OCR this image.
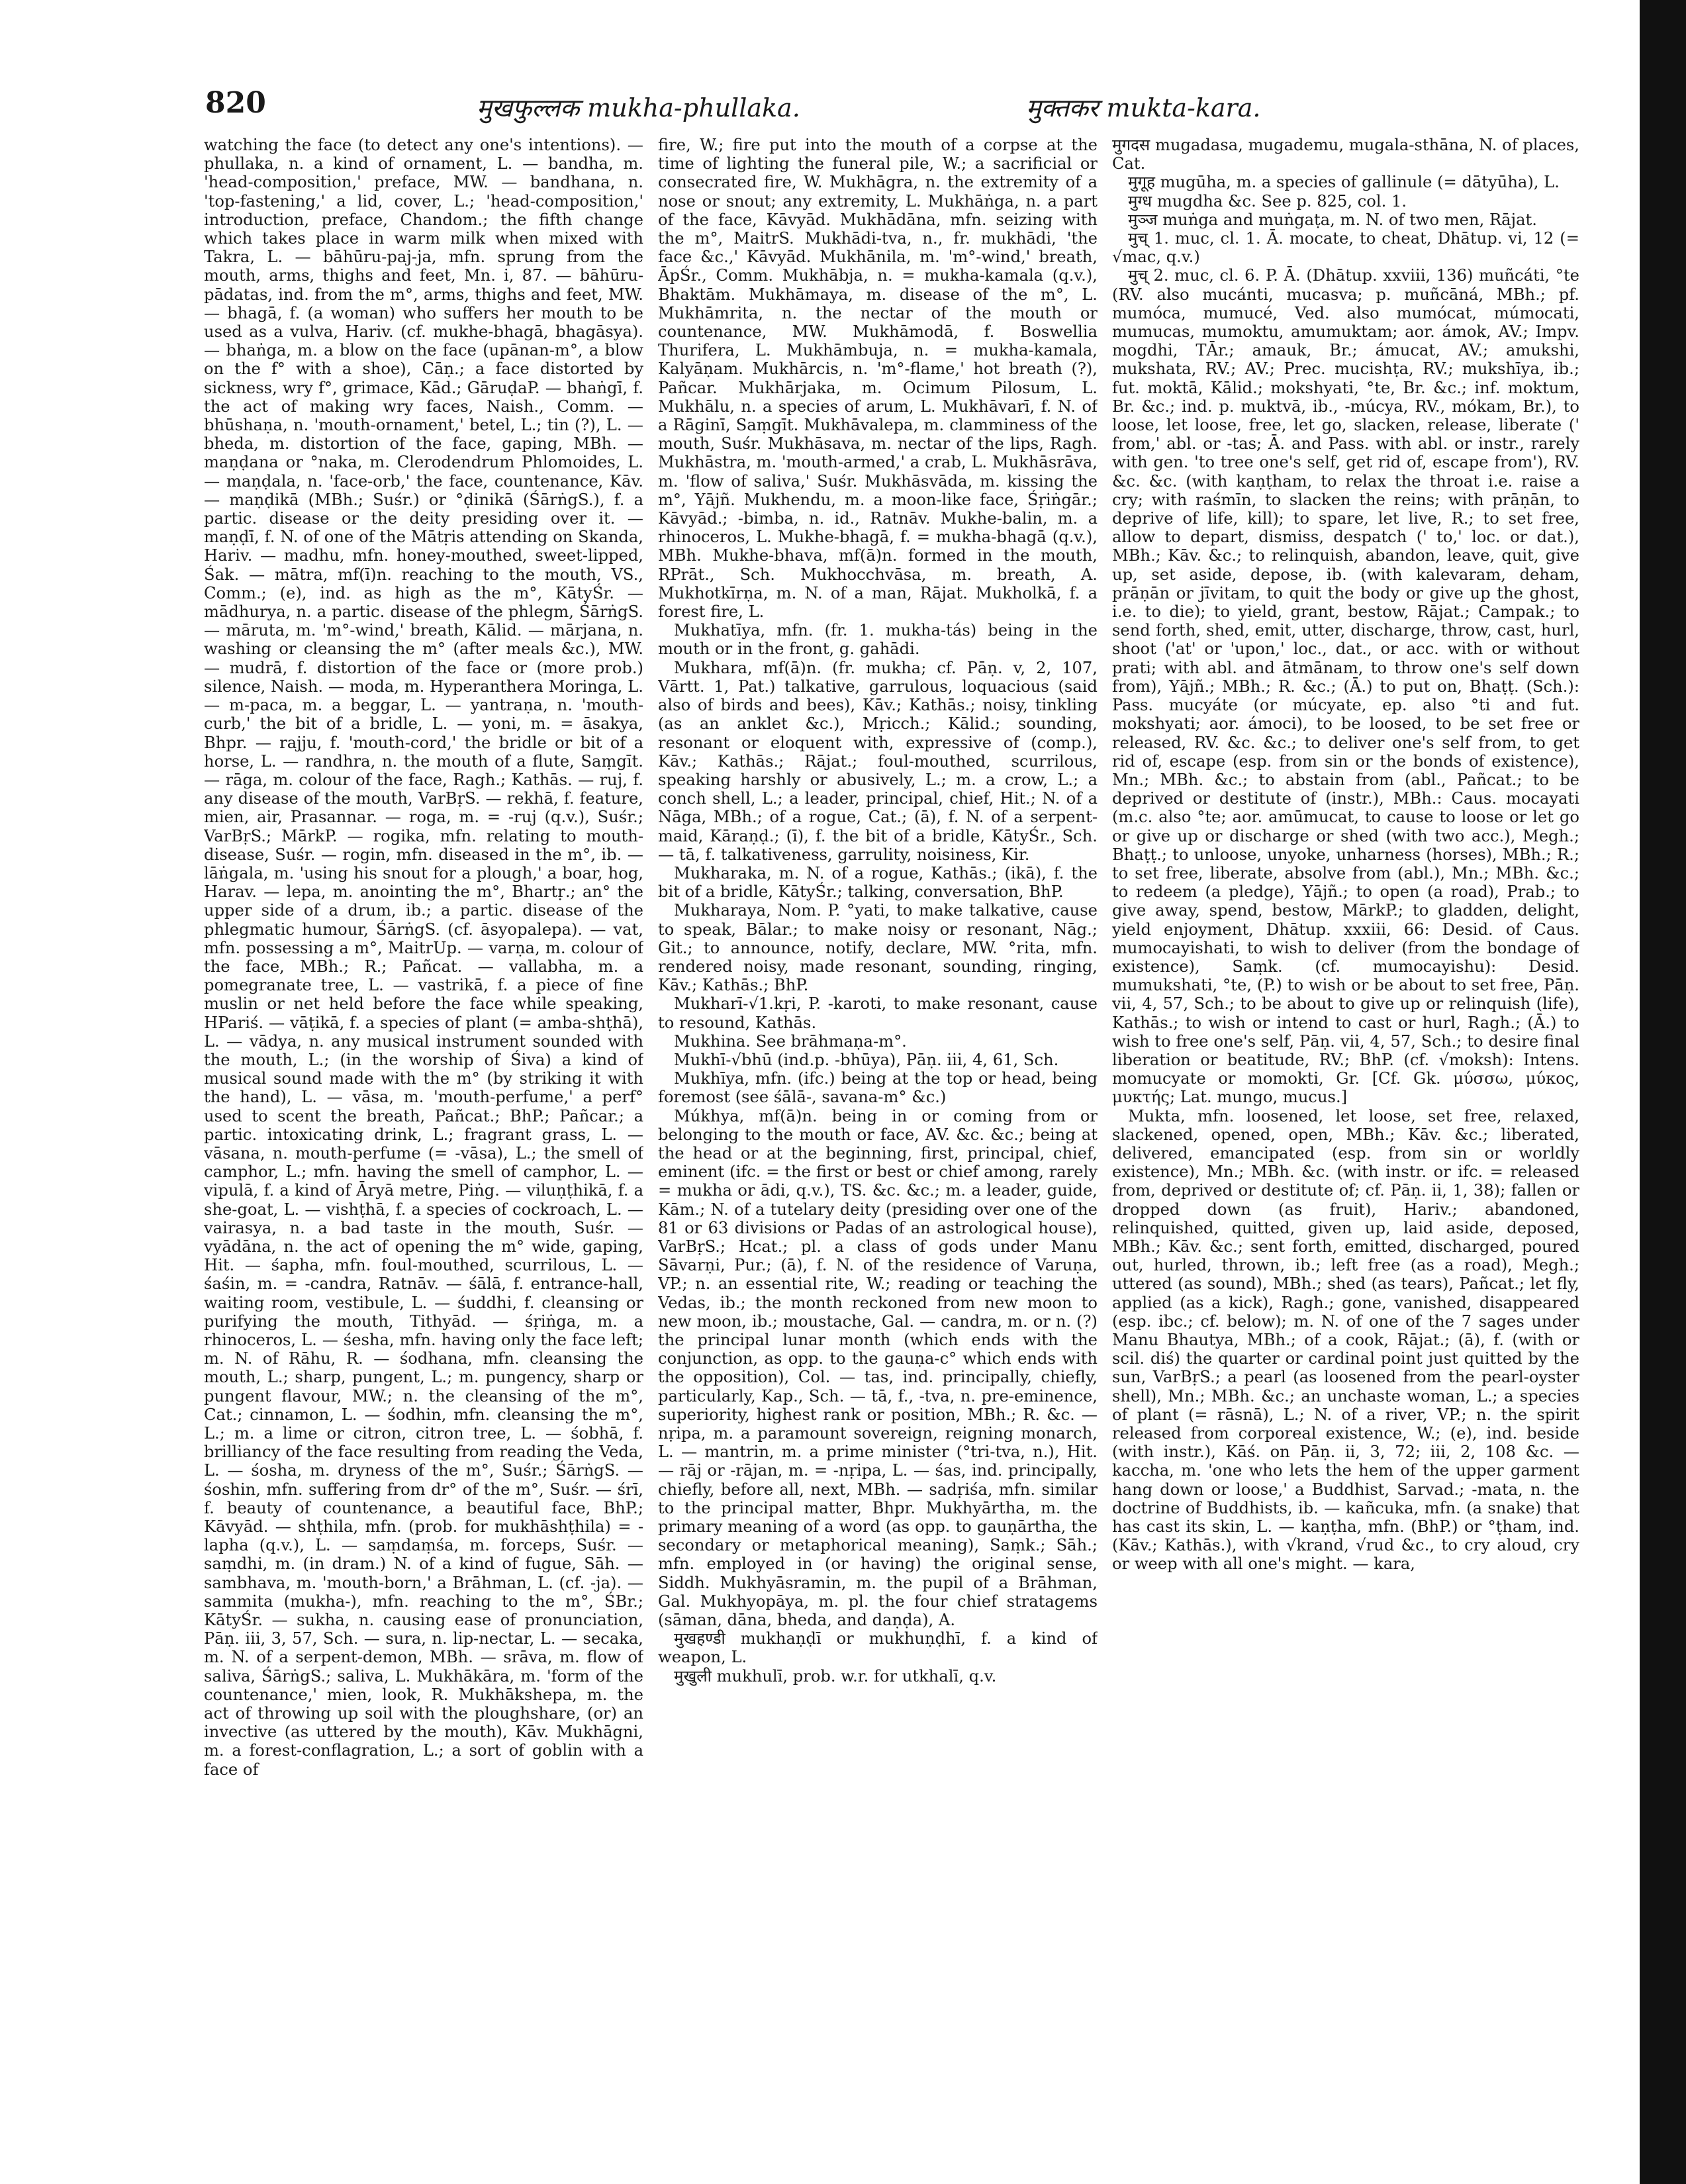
820	मुखफुल्लक mukha-phullaka.	मुक्तकर mukta-kara.

watching the face (to detect any one's intentions). — phullaka, n. a kind of ornament, L. — bandha, m. 'head-composition,' preface, MW. — bandhana, n. 'top-fastening,' a lid, cover, L.; 'head-composition,' introduction, preface, Chandom.; the fifth change which takes place in warm milk when mixed with Takra, L. — bāhūru-paj-ja, mfn. sprung from the mouth, arms, thighs and feet, Mn. i, 87. — bāhūru-pādatas, ind. from the m°, arms, thighs and feet, MW. — bhagā, f. (a woman) who suffers her mouth to be used as a vulva, Hariv. (cf. mukhe-bhagā, bhagāsya). — bhaṅga, m. a blow on the face (upānan-m°, a blow on the f° with a shoe), Cāṇ.; a face distorted by sickness, wry f°, grimace, Kād.; GāruḍaP. — bhaṅgī, f. the act of making wry faces, Naish., Comm. — bhūshaṇa, n. 'mouth-ornament,' betel, L.; tin (?), L. — bheda, m. distortion of the face, gaping, MBh. — maṇḍana or °naka, m. Clerodendrum Phlomoides, L. — maṇḍala, n. 'face-orb,' the face, countenance, Kāv. — maṇḍikā (MBh.; Suśr.) or °ḍinikā (ŚārṅgS.), f. a partic. disease or the deity presiding over it. — maṇḍī, f. N. of one of the Mātṛis attending on Skanda, Hariv. — madhu, mfn. honey-mouthed, sweet-lipped, Śak. — mātra, mf(ī)n. reaching to the mouth, VS., Comm.; (e), ind. as high as the m°, KātyŚr. — mādhurya, n. a partic. disease of the phlegm, ŚārṅgS. — māruta, m. 'm°-wind,' breath, Kālid. — mārjana, n. washing or cleansing the m° (after meals &c.), MW. — mudrā, f. distortion of the face or (more prob.) silence, Naish. — moda, m. Hyperanthera Moringa, L. — m-paca, m. a beggar, L. — yantraṇa, n. 'mouth-curb,' the bit of a bridle, L. — yoni, m. = āsakya, Bhpr. — rajju, f. 'mouth-cord,' the bridle or bit of a horse, L. — randhra, n. the mouth of a flute, Saṃgīt. — rāga, m. colour of the face, Ragh.; Kathās. — ruj, f. any disease of the mouth, VarBṛS. — rekhā, f. feature, mien, air, Prasannar. — roga, m. = -ruj (q.v.), Suśr.; VarBṛS.; MārkP. — rogika, mfn. relating to mouth-disease, Suśr. — rogin, mfn. diseased in the m°, ib. — lāṅgala, m. 'using his snout for a plough,' a boar, hog, Harav. — lepa, m. anointing the m°, Bhartṛ.; an° the upper side of a drum, ib.; a partic. disease of the phlegmatic humour, ŚārṅgS. (cf. āsyopalepa). — vat, mfn. possessing a m°, MaitrUp. — varṇa, m. colour of the face, MBh.; R.; Pañcat. — vallabha, m. a pomegranate tree, L. — vastrikā, f. a piece of fine muslin or net held before the face while speaking, HPariś. — vāṭikā, f. a species of plant (= amba-shṭhā), L. — vādya, n. any musical instrument sounded with the mouth, L.; (in the worship of Śiva) a kind of musical sound made with the m° (by striking it with the hand), L. — vāsa, m. 'mouth-perfume,' a perf° used to scent the breath, Pañcat.; BhP.; Pañcar.; a partic. intoxicating drink, L.; fragrant grass, L. — vāsana, n. mouth-perfume (= -vāsa), L.; the smell of camphor, L.; mfn. having the smell of camphor, L. — vipulā, f. a kind of Āryā metre, Piṅg. — viluṇṭhikā, f. a she-goat, L. — vishṭhā, f. a species of cockroach, L. — vairasya, n. a bad taste in the mouth, Suśr. — vyādāna, n. the act of opening the m° wide, gaping, Hit. — śapha, mfn. foul-mouthed, scurrilous, L. — śaśin, m. = -candra, Ratnāv. — śālā, f. entrance-hall, waiting room, vestibule, L. — śuddhi, f. cleansing or purifying the mouth, Tithyād. — śṛiṅga, m. a rhinoceros, L. — śesha, mfn. having only the face left; m. N. of Rāhu, R. — śodhana, mfn. cleansing the mouth, L.; sharp, pungent, L.; m. pungency, sharp or pungent flavour, MW.; n. the cleansing of the m°, Cat.; cinnamon, L. — śodhin, mfn. cleansing the m°, L.; m. a lime or citron, citron tree, L. — śobhā, f. brilliancy of the face resulting from reading the Veda, L. — śosha, m. dryness of the m°, Suśr.; ŚārṅgS. — śoshin, mfn. suffering from dr° of the m°, Suśr. — śrī, f. beauty of countenance, a beautiful face, BhP.; Kāvyād. — shṭhila, mfn. (prob. for mukhāshṭhila) = -lapha (q.v.), L. — saṃdaṃśa, m. forceps, Suśr. — saṃdhi, m. (in dram.) N. of a kind of fugue, Sāh. — sambhava, m. 'mouth-born,' a Brāhman, L. (cf. -ja). — sammita (mukha-), mfn. reaching to the m°, ŚBr.; KātyŚr. — sukha, n. causing ease of pronunciation, Pāṇ. iii, 3, 57, Sch. — sura, n. lip-nectar, L. — secaka, m. N. of a serpent-demon, MBh. — srāva, m. flow of saliva, ŚārṅgS.; saliva, L. Mukhākāra, m. 'form of the countenance,' mien, look, R. Mukhākshepa, m. the act of throwing up soil with the ploughshare, (or) an invective (as uttered by the mouth), Kāv. Mukhāgni, m. a forest-conflagration, L.; a sort of goblin with a face of

fire, W.; fire put into the mouth of a corpse at the time of lighting the funeral pile, W.; a sacrificial or consecrated fire, W. Mukhāgra, n. the extremity of a nose or snout; any extremity, L. Mukhāṅga, n. a part of the face, Kāvyād. Mukhādāna, mfn. seizing with the m°, MaitrS. Mukhādi-tva, n., fr. mukhādi, 'the face &c.,' Kāvyād. Mukhānila, m. 'm°-wind,' breath, ĀpŚr., Comm. Mukhābja, n. = mukha-kamala (q.v.), Bhaktām. Mukhāmaya, m. disease of the m°, L. Mukhāmrita, n. the nectar of the mouth or countenance, MW. Mukhāmodā, f. Boswellia Thurifera, L. Mukhāmbuja, n. = mukha-kamala, Kalyāṇam. Mukhārcis, n. 'm°-flame,' hot breath (?), Pañcar. Mukhārjaka, m. Ocimum Pilosum, L. Mukhālu, n. a species of arum, L. Mukhāvarī, f. N. of a Rāginī, Saṃgīt. Mukhāvalepa, m. clamminess of the mouth, Suśr. Mukhāsava, m. nectar of the lips, Ragh. Mukhāstra, m. 'mouth-armed,' a crab, L. Mukhāsrāva, m. 'flow of saliva,' Suśr. Mukhāsvāda, m. kissing the m°, Yājñ. Mukhendu, m. a moon-like face, Śṛiṅgār.; Kāvyād.; -bimba, n. id., Ratnāv. Mukhe-balin, m. a rhinoceros, L. Mukhe-bhagā, f. = mukha-bhagā (q.v.), MBh. Mukhe-bhava, mf(ā)n. formed in the mouth, RPrāt., Sch. Mukhocchvāsa, m. breath, A. Mukhotkīrṇa, m. N. of a man, Rājat. Mukholkā, f. a forest fire, L.

Mukhatīya, mfn. (fr. 1. mukha-tás) being in the mouth or in the front, g. gahādi.

Mukhara, mf(ā)n. (fr. mukha; cf. Pāṇ. v, 2, 107, Vārtt. 1, Pat.) talkative, garrulous, loquacious (said also of birds and bees), Kāv.; Kathās.; noisy, tinkling (as an anklet &c.), Mṛicch.; Kālid.; sounding, resonant or eloquent with, expressive of (comp.), Kāv.; Kathās.; Rājat.; foul-mouthed, scurrilous, speaking harshly or abusively, L.; m. a crow, L.; a conch shell, L.; a leader, principal, chief, Hit.; N. of a Nāga, MBh.; of a rogue, Cat.; (ā), f. N. of a serpent-maid, Kāraṇḍ.; (ī), f. the bit of a bridle, KātyŚr., Sch. — tā, f. talkativeness, garrulity, noisiness, Kir.

Mukharaka, m. N. of a rogue, Kathās.; (ikā), f. the bit of a bridle, KātyŚr.; talking, conversation, BhP.

Mukharaya, Nom. P. °yati, to make talkative, cause to speak, Bālar.; to make noisy or resonant, Nāg.; Git.; to announce, notify, declare, MW. °rita, mfn. rendered noisy, made resonant, sounding, ringing, Kāv.; Kathās.; BhP.

Mukharī-√1.kṛi, P. -karoti, to make resonant, cause to resound, Kathās.

Mukhina. See brāhmaṇa-m°.

Mukhī-√bhū (ind.p. -bhūya), Pāṇ. iii, 4, 61, Sch.

Mukhīya, mfn. (ifc.) being at the top or head, being foremost (see śālā-, savana-m° &c.)

Múkhya, mf(ā)n. being in or coming from or belonging to the mouth or face, AV. &c. &c.; being at the head or at the beginning, first, principal, chief, eminent (ifc. = the first or best or chief among, rarely = mukha or ādi, q.v.), TS. &c. &c.; m. a leader, guide, Kām.; N. of a tutelary deity (presiding over one of the 81 or 63 divisions or Padas of an astrological house), VarBṛS.; Hcat.; pl. a class of gods under Manu Sāvarṇi, Pur.; (ā), f. N. of the residence of Varuṇa, VP.; n. an essential rite, W.; reading or teaching the Vedas, ib.; the month reckoned from new moon to new moon, ib.; moustache, Gal. — candra, m. or n. (?) the principal lunar month (which ends with the conjunction, as opp. to the gauṇa-c° which ends with the opposition), Col. — tas, ind. principally, chiefly, particularly, Kap., Sch. — tā, f., -tva, n. pre-eminence, superiority, highest rank or position, MBh.; R. &c. — nṛipa, m. a paramount sovereign, reigning monarch, L. — mantrin, m. a prime minister (°tri-tva, n.), Hit. — rāj or -rājan, m. = -nṛipa, L. — śas, ind. principally, chiefly, before all, next, MBh. — sadṛiśa, mfn. similar to the principal matter, Bhpr. Mukhyārtha, m. the primary meaning of a word (as opp. to gauṇārtha, the secondary or metaphorical meaning), Saṃk.; Sāh.; mfn. employed in (or having) the original sense, Siddh. Mukhyāsramin, m. the pupil of a Brāhman, Gal. Mukhyopāya, m. pl. the four chief stratagems (sāman, dāna, bheda, and daṇḍa), A.

मुखहण्डी mukhaṇḍī or mukhuṇḍhī, f. a kind of weapon, L.

मुखुली mukhulī, prob. w.r. for utkhalī, q.v.

मुगदस mugadasa, mugademu, mugala-sthāna, N. of places, Cat.

मुगूह mugūha, m. a species of gallinule (= dātyūha), L.

मुग्ध mugdha &c. See p. 825, col. 1.

मुञ्ज muṅga and muṅgaṭa, m. N. of two men, Rājat.

मुच् 1. muc, cl. 1. Ā. mocate, to cheat, Dhātup. vi, 12 (= √mac, q.v.)

मुच् 2. muc, cl. 6. P. Ā. (Dhātup. xxviii, 136) muñcáti, °te (RV. also mucánti, mucasva; p. muñcāná, MBh.; pf. mumóca, mumucé, Ved. also mumócat, múmocati, mumucas, mumoktu, amumuktam; aor. ámok, AV.; Impv. mogdhi, TĀr.; amauk, Br.; ámucat, AV.; amukshi, mukshata, RV.; AV.; Prec. mucishṭa, RV.; mukshīya, ib.; fut. moktā, Kālid.; mokshyati, °te, Br. &c.; inf. moktum, Br. &c.; ind. p. muktvā, ib., -múcya, RV., mókam, Br.), to loose, let loose, free, let go, slacken, release, liberate (' from,' abl. or -tas; Ā. and Pass. with abl. or instr., rarely with gen. 'to tree one's self, get rid of, escape from'), RV. &c. &c. (with kaṇṭham, to relax the throat i.e. raise a cry; with raśmīn, to slacken the reins; with prāṇān, to deprive of life, kill); to spare, let live, R.; to set free, allow to depart, dismiss, despatch (' to,' loc. or dat.), MBh.; Kāv. &c.; to relinquish, abandon, leave, quit, give up, set aside, depose, ib. (with kalevaram, deham, prāṇān or jīvitam, to quit the body or give up the ghost, i.e. to die); to yield, grant, bestow, Rājat.; Campak.; to send forth, shed, emit, utter, discharge, throw, cast, hurl, shoot ('at' or 'upon,' loc., dat., or acc. with or without prati; with abl. and ātmānam, to throw one's self down from), Yājñ.; MBh.; R. &c.; (Ā.) to put on, Bhaṭṭ. (Sch.): Pass. mucyáte (or múcyate, ep. also °ti and fut. mokshyati; aor. ámoci), to be loosed, to be set free or released, RV. &c. &c.; to deliver one's self from, to get rid of, escape (esp. from sin or the bonds of existence), Mn.; MBh. &c.; to abstain from (abl., Pañcat.; to be deprived or destitute of (instr.), MBh.: Caus. mocayati (m.c. also °te; aor. amūmucat, to cause to loose or let go or give up or discharge or shed (with two acc.), Megh.; Bhaṭṭ.; to unloose, unyoke, unharness (horses), MBh.; R.; to set free, liberate, absolve from (abl.), Mn.; MBh. &c.; to redeem (a pledge), Yājñ.; to open (a road), Prab.; to give away, spend, bestow, MārkP.; to gladden, delight, yield enjoyment, Dhātup. xxxiii, 66: Desid. of Caus. mumocayishati, to wish to deliver (from the bondage of existence), Saṃk. (cf. mumocayishu): Desid. mumukshati, °te, (P.) to wish or be about to set free, Pāṇ. vii, 4, 57, Sch.; to be about to give up or relinquish (life), Kathās.; to wish or intend to cast or hurl, Ragh.; (Ā.) to wish to free one's self, Pāṇ. vii, 4, 57, Sch.; to desire final liberation or beatitude, RV.; BhP. (cf. √moksh): Intens. momucyate or momokti, Gr. [Cf. Gk. μύσσω, μύκος, μυκτής; Lat. mungo, mucus.]

Mukta, mfn. loosened, let loose, set free, relaxed, slackened, opened, open, MBh.; Kāv. &c.; liberated, delivered, emancipated (esp. from sin or worldly existence), Mn.; MBh. &c. (with instr. or ifc. = released from, deprived or destitute of; cf. Pāṇ. ii, 1, 38); fallen or dropped down (as fruit), Hariv.; abandoned, relinquished, quitted, given up, laid aside, deposed, MBh.; Kāv. &c.; sent forth, emitted, discharged, poured out, hurled, thrown, ib.; left free (as a road), Megh.; uttered (as sound), MBh.; shed (as tears), Pañcat.; let fly, applied (as a kick), Ragh.; gone, vanished, disappeared (esp. ibc.; cf. below); m. N. of one of the 7 sages under Manu Bhautya, MBh.; of a cook, Rājat.; (ā), f. (with or scil. diś) the quarter or cardinal point just quitted by the sun, VarBṛS.; a pearl (as loosened from the pearl-oyster shell), Mn.; MBh. &c.; an unchaste woman, L.; a species of plant (= rāsnā), L.; N. of a river, VP.; n. the spirit released from corporeal existence, W.; (e), ind. beside (with instr.), Kāś. on Pāṇ. ii, 3, 72; iii, 2, 108 &c. — kaccha, m. 'one who lets the hem of the upper garment hang down or loose,' a Buddhist, Sarvad.; -mata, n. the doctrine of Buddhists, ib. — kañcuka, mfn. (a snake) that has cast its skin, L. — kaṇṭha, mfn. (BhP.) or °ṭham, ind. (Kāv.; Kathās.), with √krand, √rud &c., to cry aloud, cry or weep with all one's might. — kara,
